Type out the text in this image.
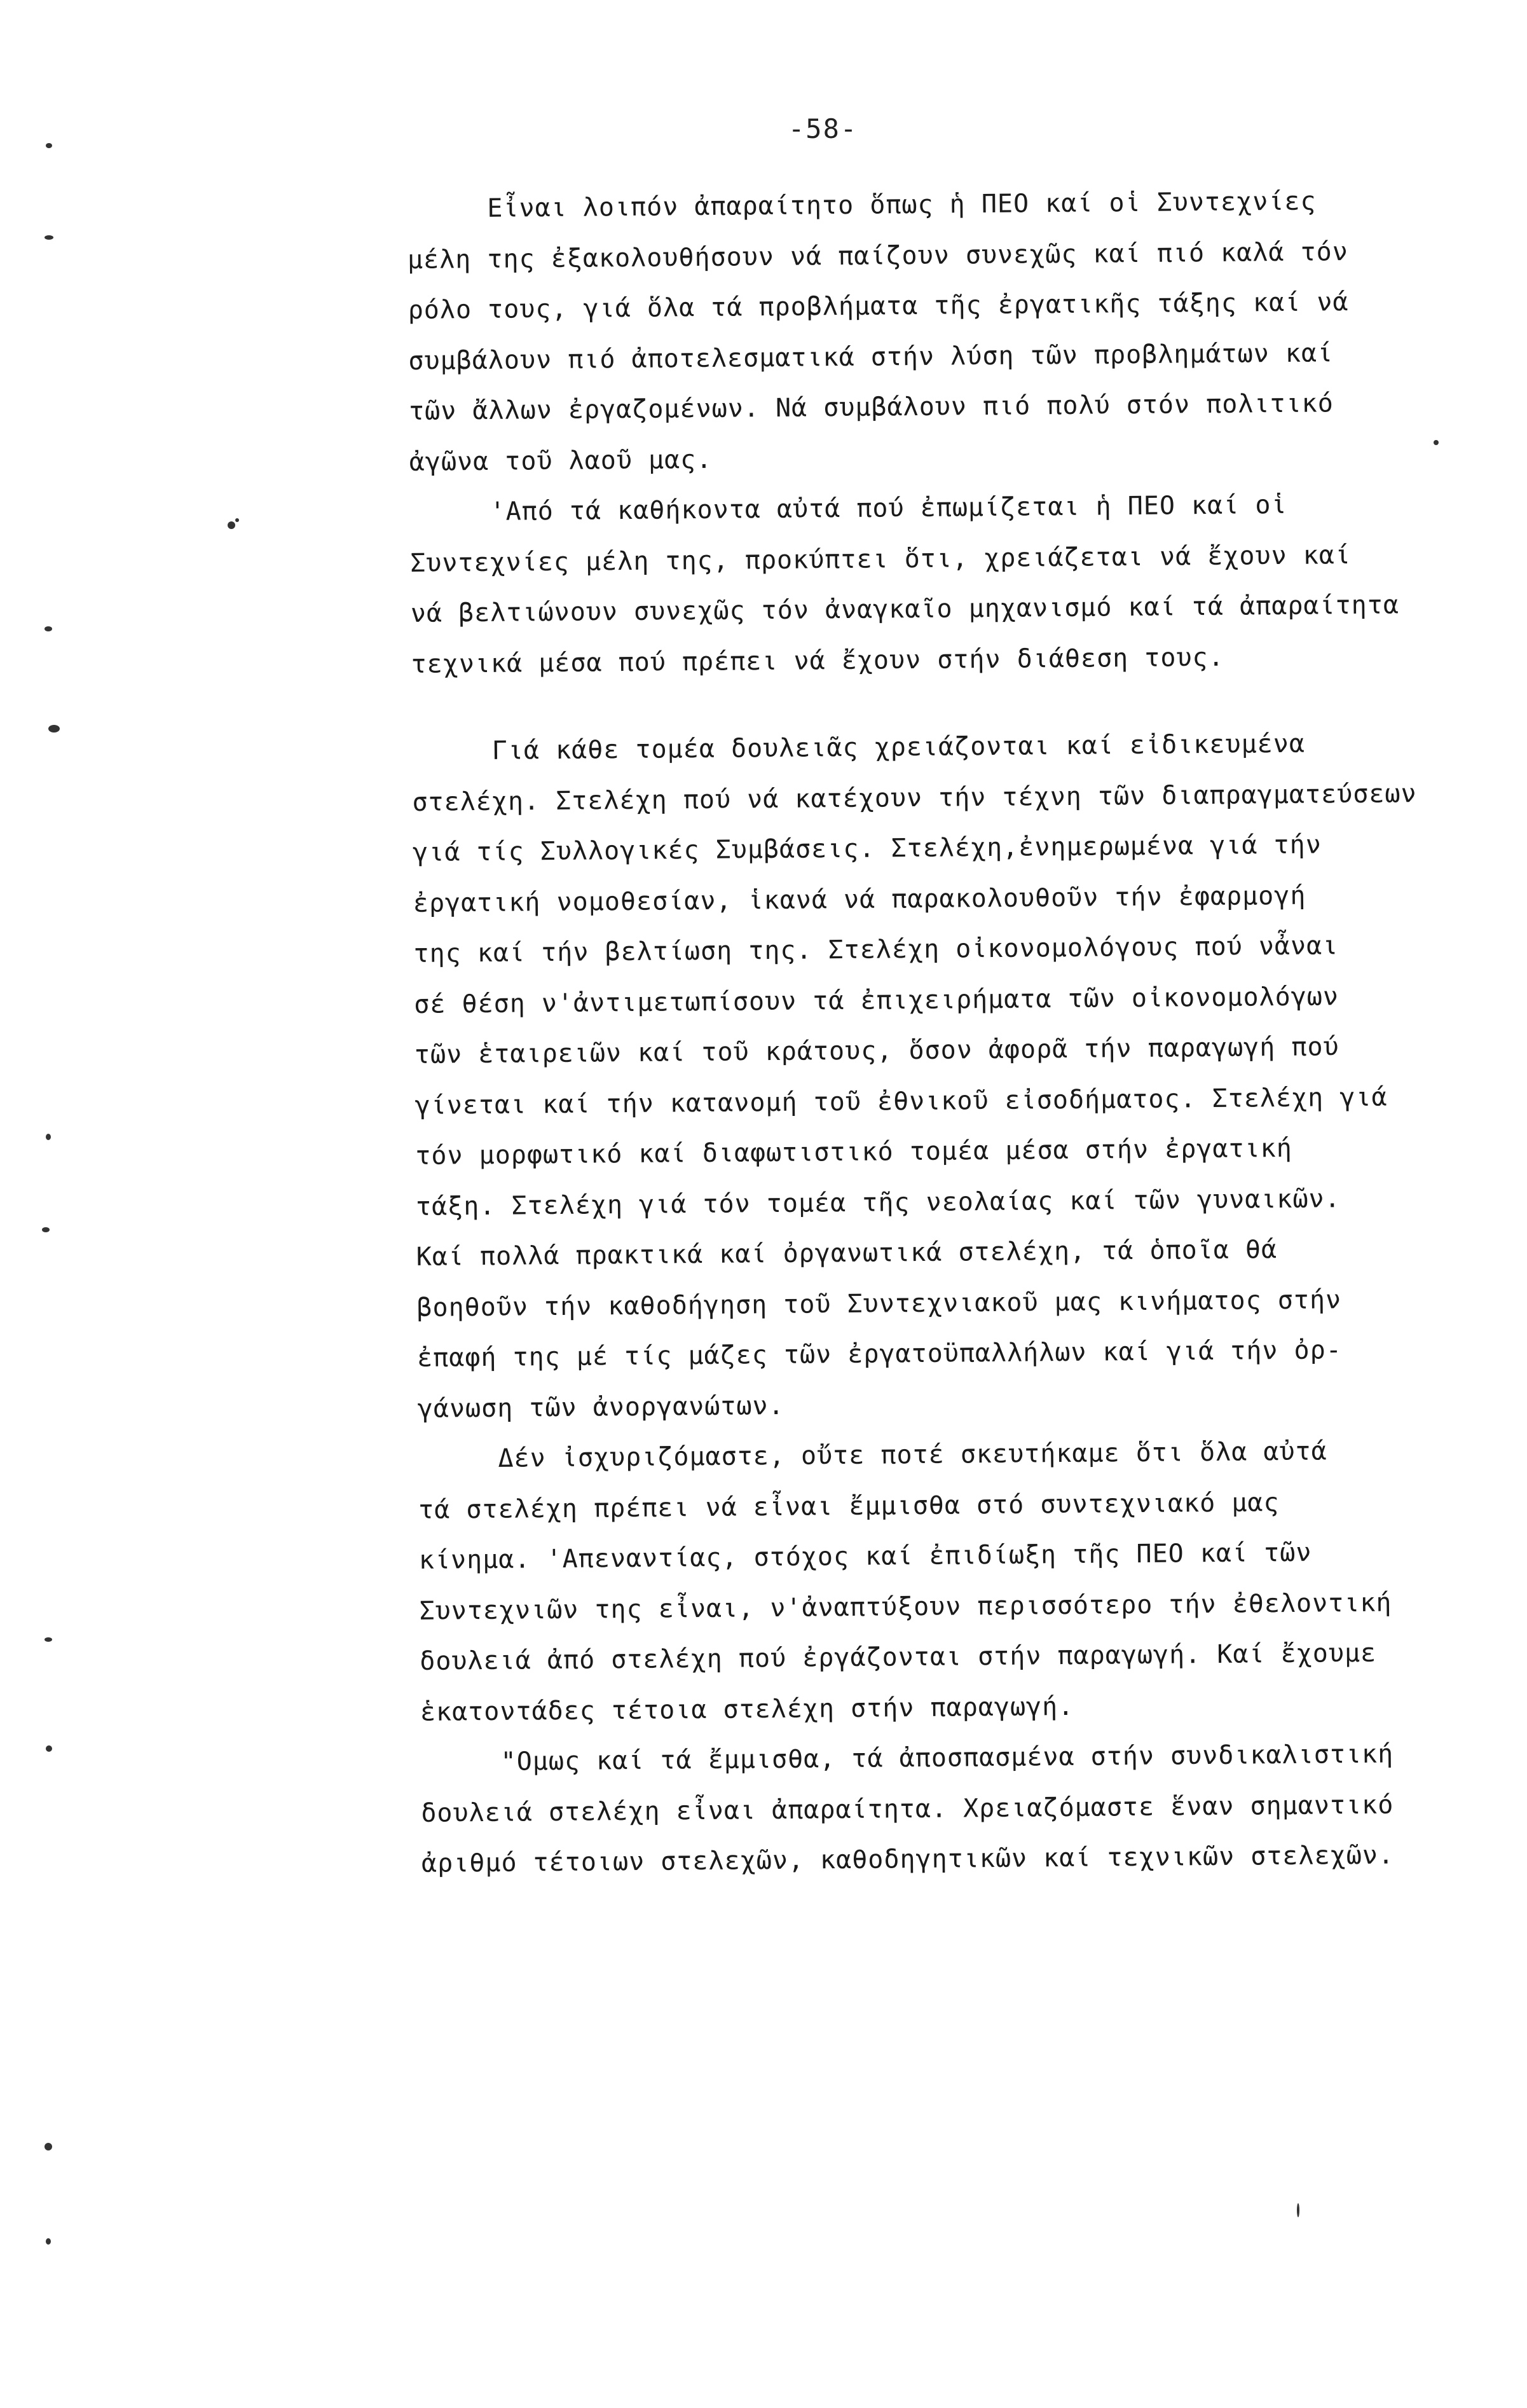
-58-

Εἶναι λοιπόν ἀπαραίτητο ὅπως ἡ ΠΕΟ καί οἱ Συντεχνίες
μέλη της ἐξακολουθήσουν νά παίζουν συνεχῶς καί πιό καλά τόν
ρόλο τους, γιά ὅλα τά προβλήματα τῆς ἐργατικῆς τάξης καί νά
συμβάλουν πιό ἀποτελεσματικά στήν λύση τῶν προβλημάτων καί
τῶν ἄλλων ἐργαζομένων. Νά συμβάλουν πιό πολύ στόν πολιτικό
ἀγῶνα τοῦ λαοῦ μας.

'Από τά καθήκοντα αὐτά πού ἐπωμίζεται ἡ ΠΕΟ καί οἱ
Συντεχνίες μέλη της, προκύπτει ὅτι, χρειάζεται νά ἔχουν καί
νά βελτιώνουν συνεχῶς τόν ἀναγκαῖο μηχανισμό καί τά ἀπαραίτητα
τεχνικά μέσα πού πρέπει νά ἔχουν στήν διάθεση τους.

Γιά κάθε τομέα δουλειᾶς χρειάζονται καί εἰδικευμένα
στελέχη. Στελέχη πού νά κατέχουν τήν τέχνη τῶν διαπραγματεύσεων
γιά τίς Συλλογικές Συμβάσεις. Στελέχη,ἐνημερωμένα γιά τήν
ἐργατική νομοθεσίαν, ἱκανά νά παρακολουθοῦν τήν ἐφαρμογή
της καί τήν βελτίωση της. Στελέχη οἰκονομολόγους πού νἆναι
σέ θέση ν'ἀντιμετωπίσουν τά ἐπιχειρήματα τῶν οἰκονομολόγων
τῶν ἑταιρειῶν καί τοῦ κράτους, ὅσον ἀφορᾶ τήν παραγωγή πού
γίνεται καί τήν κατανομή τοῦ ἐθνικοῦ εἰσοδήματος. Στελέχη γιά
τόν μορφωτικό καί διαφωτιστικό τομέα μέσα στήν ἐργατική
τάξη. Στελέχη γιά τόν τομέα τῆς νεολαίας καί τῶν γυναικῶν.
Καί πολλά πρακτικά καί ὀργανωτικά στελέχη, τά ὁποῖα θά
βοηθοῦν τήν καθοδήγηση τοῦ Συντεχνιακοῦ μας κινήματος στήν
ἐπαφή της μέ τίς μάζες τῶν ἐργατοϋπαλλήλων καί γιά τήν ὀρ-
γάνωση τῶν ἀνοργανώτων.

Δέν ἰσχυριζόμαστε, οὔτε ποτέ σκευτήκαμε ὅτι ὅλα αὐτά
τά στελέχη πρέπει νά εἶναι ἔμμισθα στό συντεχνιακό μας
κίνημα. 'Απεναντίας, στόχος καί ἐπιδίωξη τῆς ΠΕΟ καί τῶν
Συντεχνιῶν της εἶναι, ν'ἀναπτύξουν περισσότερο τήν ἐθελοντική
δουλειά ἀπό στελέχη πού ἐργάζονται στήν παραγωγή. Καί ἔχουμε
ἑκατοντάδες τέτοια στελέχη στήν παραγωγή.

"Ομως καί τά ἔμμισθα, τά ἀποσπασμένα στήν συνδικαλιστική
δουλειά στελέχη εἶναι ἀπαραίτητα. Χρειαζόμαστε ἕναν σημαντικό
ἀριθμό τέτοιων στελεχῶν, καθοδηγητικῶν καί τεχνικῶν στελεχῶν.
